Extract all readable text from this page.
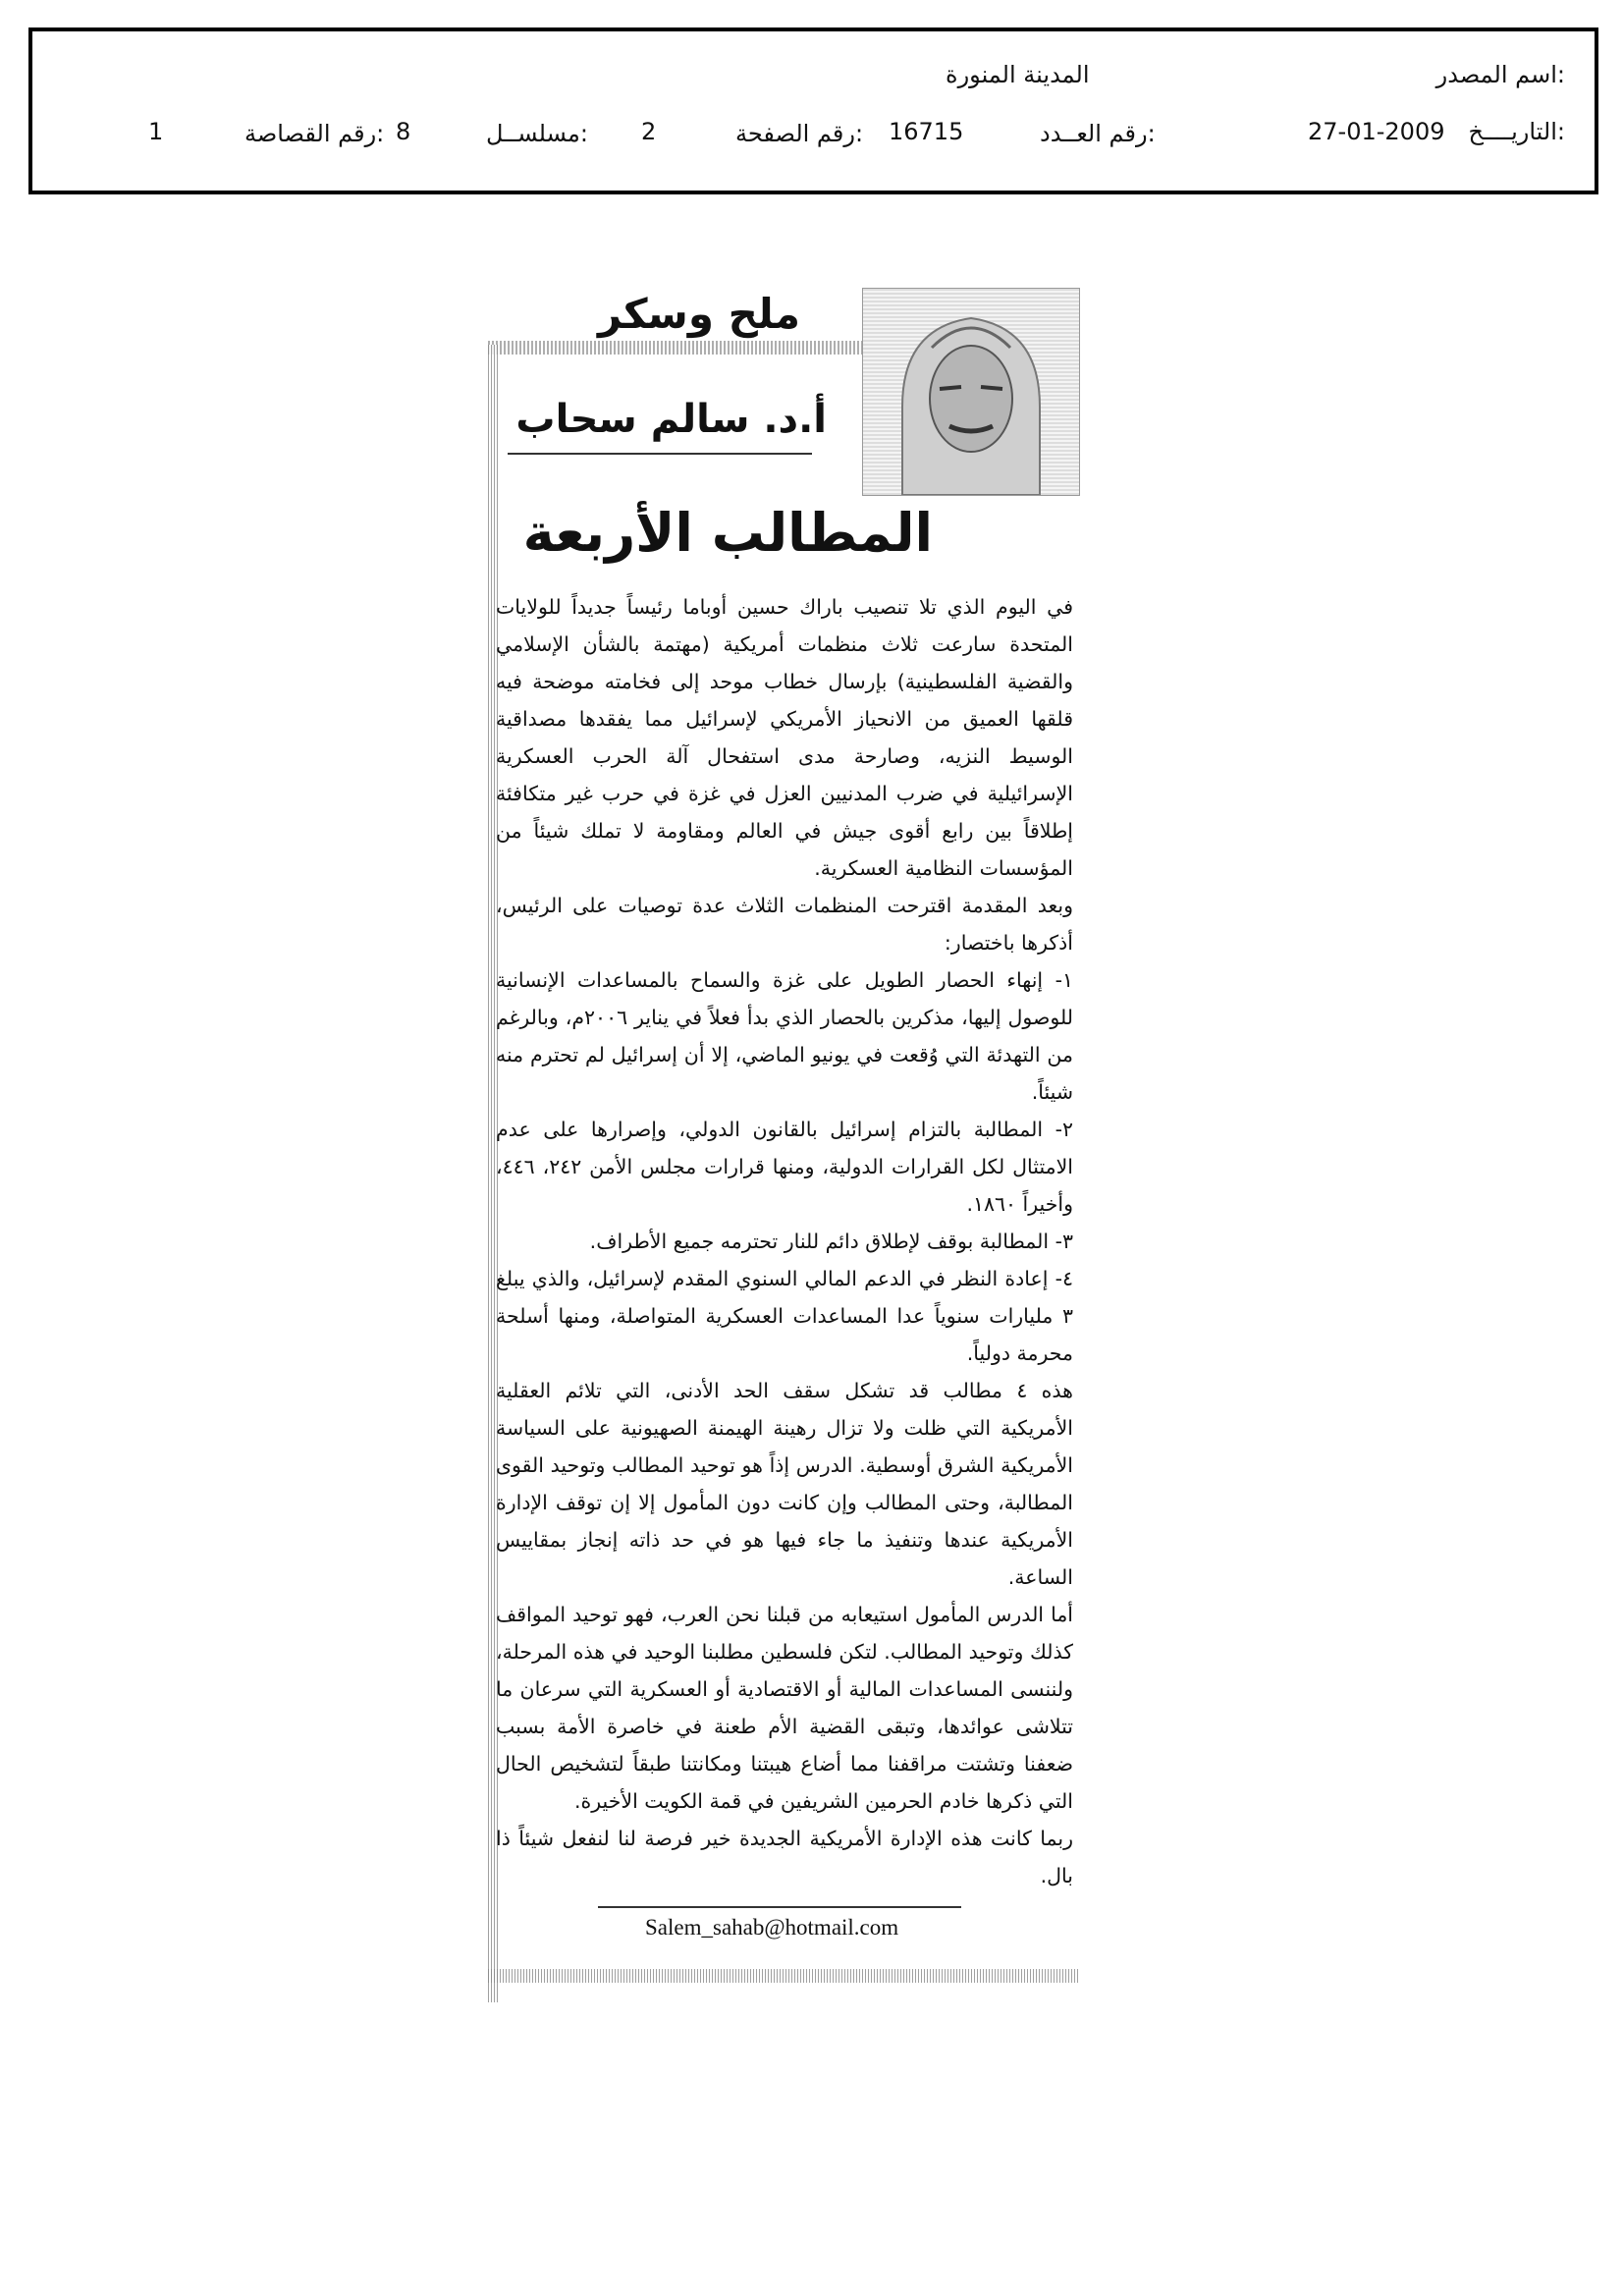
اسم المصدر:
المدينة المنورة
التاريــــخ:
27-01-2009
رقم العــدد:
16715
رقم الصفحة:
2
مسلســل:
8
رقم القصاصة:
1
ملح وسكر
أ.د. سالم سحاب
المطالب الأربعة

في اليوم الذي تلا تنصيب باراك حسين أوباما رئيساً جديداً للولايات المتحدة سارعت ثلاث منظمات أمريكية (مهتمة بالشأن الإسلامي والقضية الفلسطينية) بإرسال خطاب موحد إلى فخامته موضحة فيه قلقها العميق من الانحياز الأمريكي لإسرائيل مما يفقدها مصداقية الوسيط النزيه، وصارحة مدى استفحال آلة الحرب العسكرية الإسرائيلية في ضرب المدنيين العزل في غزة في حرب غير متكافئة إطلاقاً بين رابع أقوى جيش في العالم ومقاومة لا تملك شيئاً من المؤسسات النظامية العسكرية.

وبعد المقدمة اقترحت المنظمات الثلاث عدة توصيات على الرئيس، أذكرها باختصار:

١- إنهاء الحصار الطويل على غزة والسماح بالمساعدات الإنسانية للوصول إليها، مذكرين بالحصار الذي بدأ فعلاً في يناير ٢٠٠٦م، وبالرغم من التهدئة التي وُقعت في يونيو الماضي، إلا أن إسرائيل لم تحترم منه شيئاً.

٢- المطالبة بالتزام إسرائيل بالقانون الدولي، وإصرارها على عدم الامتثال لكل القرارات الدولية، ومنها قرارات مجلس الأمن ٢٤٢، ٤٤٦، وأخيراً ١٨٦٠.

٣- المطالبة بوقف لإطلاق دائم للنار تحترمه جميع الأطراف.

٤- إعادة النظر في الدعم المالي السنوي المقدم لإسرائيل، والذي يبلغ ٣ مليارات سنوياً عدا المساعدات العسكرية المتواصلة، ومنها أسلحة محرمة دولياً.

هذه ٤ مطالب قد تشكل سقف الحد الأدنى، التي تلائم العقلية الأمريكية التي ظلت ولا تزال رهينة الهيمنة الصهيونية على السياسة الأمريكية الشرق أوسطية. الدرس إذاً هو توحيد المطالب وتوحيد القوى المطالبة، وحتى المطالب وإن كانت دون المأمول إلا إن توقف الإدارة الأمريكية عندها وتنفيذ ما جاء فيها هو في حد ذاته إنجاز بمقاييس الساعة.

أما الدرس المأمول استيعابه من قبلنا نحن العرب، فهو توحيد المواقف كذلك وتوحيد المطالب. لتكن فلسطين مطلبنا الوحيد في هذه المرحلة، ولننسى المساعدات المالية أو الاقتصادية أو العسكرية التي سرعان ما تتلاشى عوائدها، وتبقى القضية الأم طعنة في خاصرة الأمة بسبب ضعفنا وتشتت مراقفنا مما أضاع هيبتنا ومكانتنا طبقاً لتشخيص الحال التي ذكرها خادم الحرمين الشريفين في قمة الكويت الأخيرة.

ربما كانت هذه الإدارة الأمريكية الجديدة خير فرصة لنا لنفعل شيئاً ذا بال.

Salem_sahab@hotmail.com
